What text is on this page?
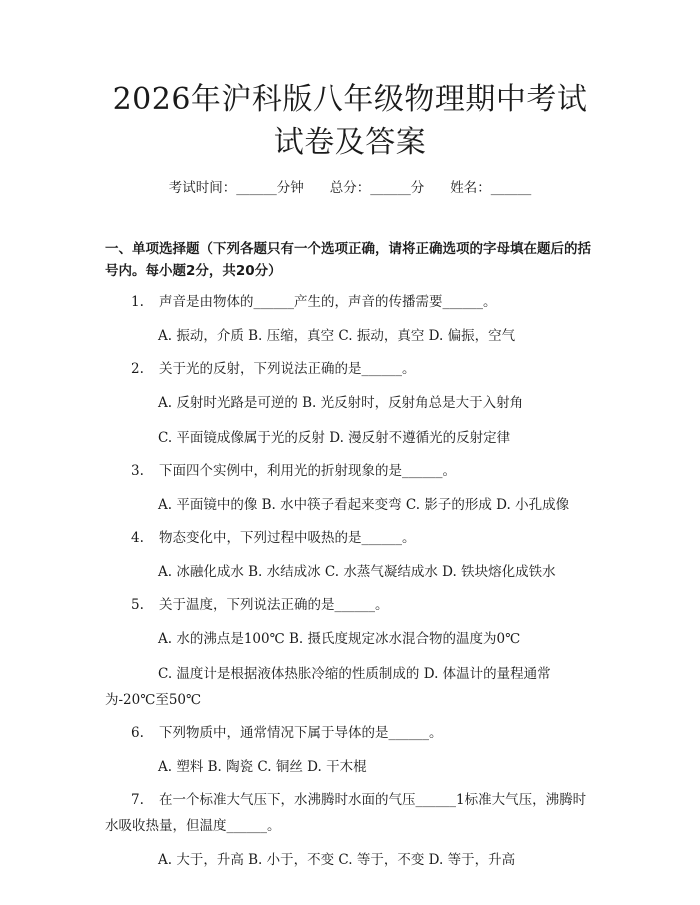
2026年沪科版八年级物理期中考试试卷及答案
考试时间：______分钟 总分：______分 姓名：______
一、单项选择题（下列各题只有一个选项正确，请将正确选项的字母填在题后的括号内。每小题2分，共20分）
1. 声音是由物体的______产生的，声音的传播需要______。
A. 振动，介质 B. 压缩，真空 C. 振动，真空 D. 偏振，空气
2. 关于光的反射，下列说法正确的是______。
A. 反射时光路是可逆的 B. 光反射时，反射角总是大于入射角
C. 平面镜成像属于光的反射 D. 漫反射不遵循光的反射定律
3. 下面四个实例中，利用光的折射现象的是______。
A. 平面镜中的像 B. 水中筷子看起来变弯 C. 影子的形成 D. 小孔成像
4. 物态变化中，下列过程中吸热的是______。
A. 冰融化成水 B. 水结成冰 C. 水蒸气凝结成水 D. 铁块熔化成铁水
5. 关于温度，下列说法正确的是______。
A. 水的沸点是100℃ B. 摄氏度规定冰水混合物的温度为0℃
C. 温度计是根据液体热胀冷缩的性质制成的 D. 体温计的量程通常为-20℃至50℃
6. 下列物质中，通常情况下属于导体的是______。
A. 塑料 B. 陶瓷 C. 铜丝 D. 干木棍
7. 在一个标准大气压下，水沸腾时水面的气压______1标准大气压，沸腾时水吸收热量，但温度______。
A. 大于，升高 B. 小于，不变 C. 等于，不变 D. 等于，升高
